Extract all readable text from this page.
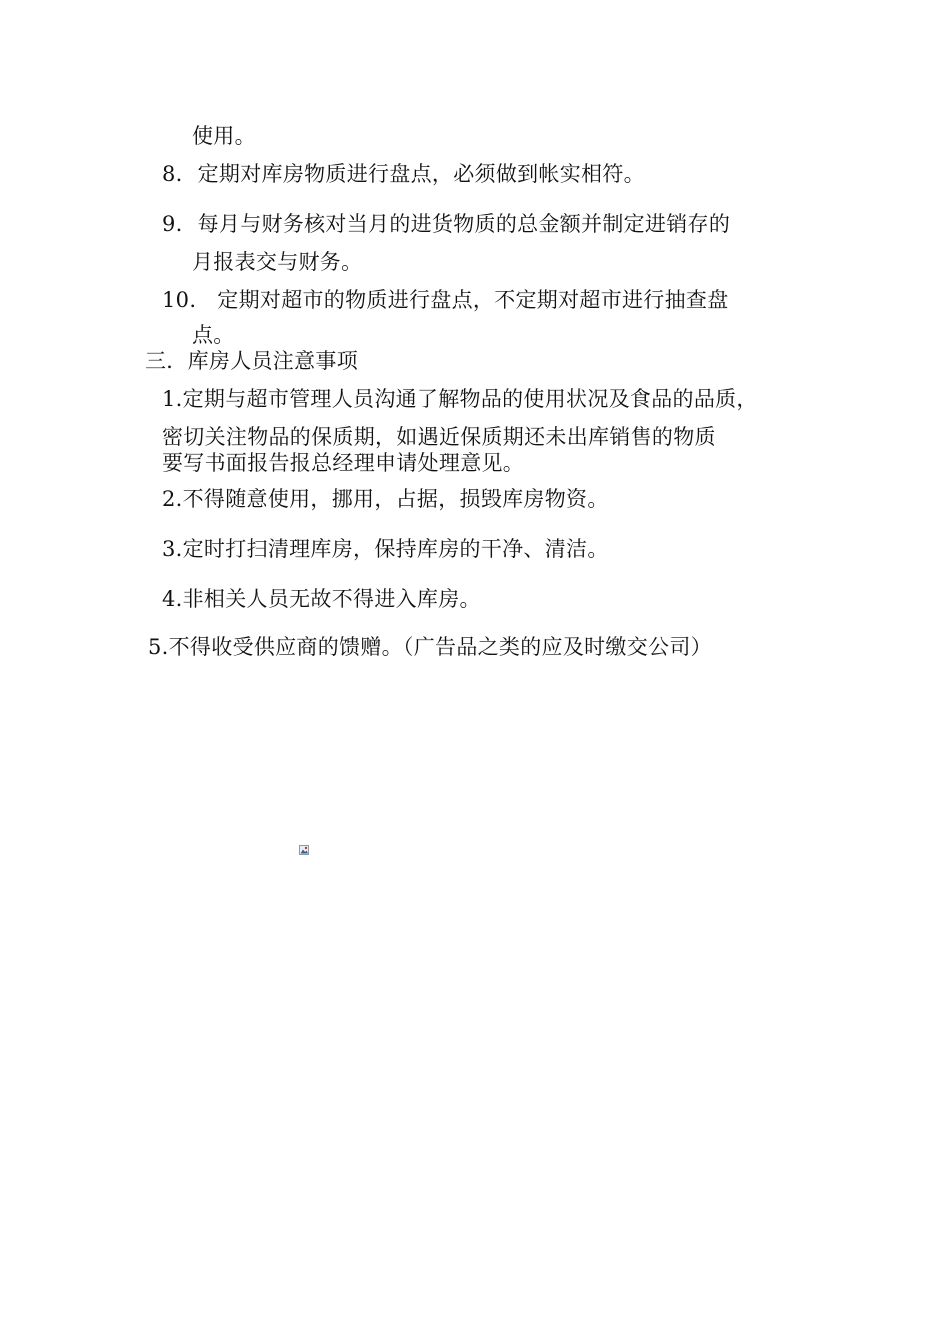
使用。
8. 定期对库房物质进行盘点，必须做到帐实相符。
9. 每月与财务核对当月的进货物质的总金额并制定进销存的
月报表交与财务。
10. 定期对超市的物质进行盘点，不定期对超市进行抽查盘
点。
三．库房人员注意事项
1.定期与超市管理人员沟通了解物品的使用状况及食品的品质，
密切关注物品的保质期，如遇近保质期还未出库销售的物质
要写书面报告报总经理申请处理意见。
2.不得随意使用，挪用，占据，损毁库房物资。
3.定时打扫清理库房，保持库房的干净、清洁。
4.非相关人员无故不得进入库房。
5.不得收受供应商的馈赠。（广告品之类的应及时缴交公司）
